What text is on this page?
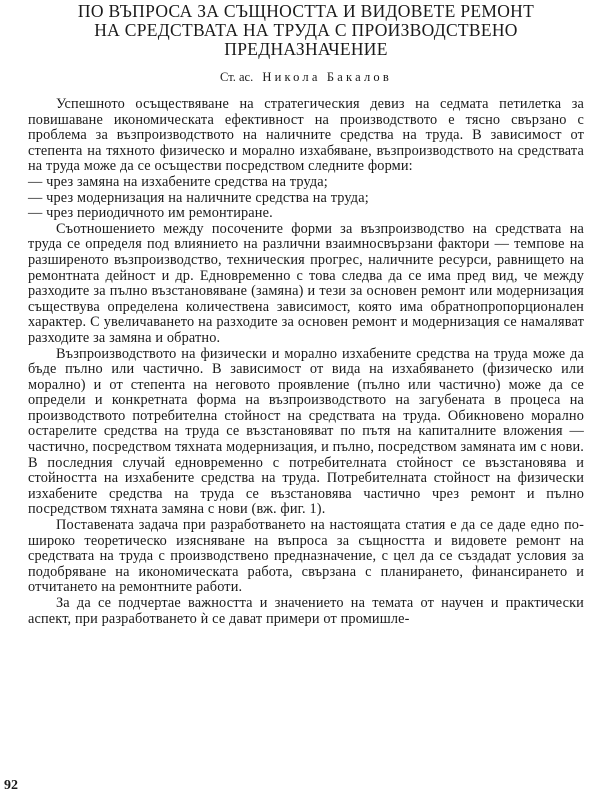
ПО ВЪПРОСА ЗА СЪЩНОСТТА И ВИДОВЕТЕ РЕМОНТ
НА СРЕДСТВАТА НА ТРУДА С ПРОИЗВОДСТВЕНО
ПРЕДНАЗНАЧЕНИЕ
Ст. ас. Никола Бакалов

Успешното осъществяване на стратегическия девиз на седмата петилетка за повишаване икономическата ефективност на производството е тясно свързано с проблема за възпроизводството на наличните средства на труда. В зависимост от степента на тяхното физическо и морално изхабяване, възпроизводството на средствата на труда може да се осъществи посредством следните форми:

— чрез замяна на изхабените средства на труда;

— чрез модернизация на наличните средства на труда;

— чрез периодичното им ремонтиране.

Съотношението между посочените форми за възпроизводство на средствата на труда се определя под влиянието на различни взаимносвързани фактори — темпове на разширеното възпроизводство, техническия прогрес, наличните ресурси, равнището на ремонтната дейност и др. Едновременно с това следва да се има пред вид, че между разходите за пълно възстановяване (замяна) и тези за основен ремонт или модернизация съществува определена количествена зависимост, която има обратнопропорционален характер. С увеличаването на разходите за основен ремонт и модернизация се намаляват разходите за замяна и обратно.

Възпроизводството на физически и морално изхабените средства на труда може да бъде пълно или частично. В зависимост от вида на изхабяването (физическо или морално) и от степента на неговото проявление (пълно или частично) може да се определи и конкретната форма на възпроизводството на загубената в процеса на производството потребителна стойност на средствата на труда. Обикновено морално остарелите средства на труда се възстановяват по пътя на капиталните вложения — частично, посредством тяхната модернизация, и пълно, посредством замяната им с нови. В последния случай едновременно с потребителната стойност се възстановява и стойността на изхабените средства на труда. Потребителната стойност на физически изхабените средства на труда се възстановява частично чрез ремонт и пълно посредством тяхната замяна с нови (вж. фиг. 1).

Поставената задача при разработването на настоящата статия е да се даде едно по-широко теоретическо изясняване на въпроса за същността и видовете ремонт на средствата на труда с производствено предназначение, с цел да се създадат условия за подобряване на икономическата работа, свързана с планирането, финансирането и отчитането на ремонтните работи.

За да се подчертае важността и значението на темата от научен и практически аспект, при разработването ѝ се дават примери от промишле-

92
